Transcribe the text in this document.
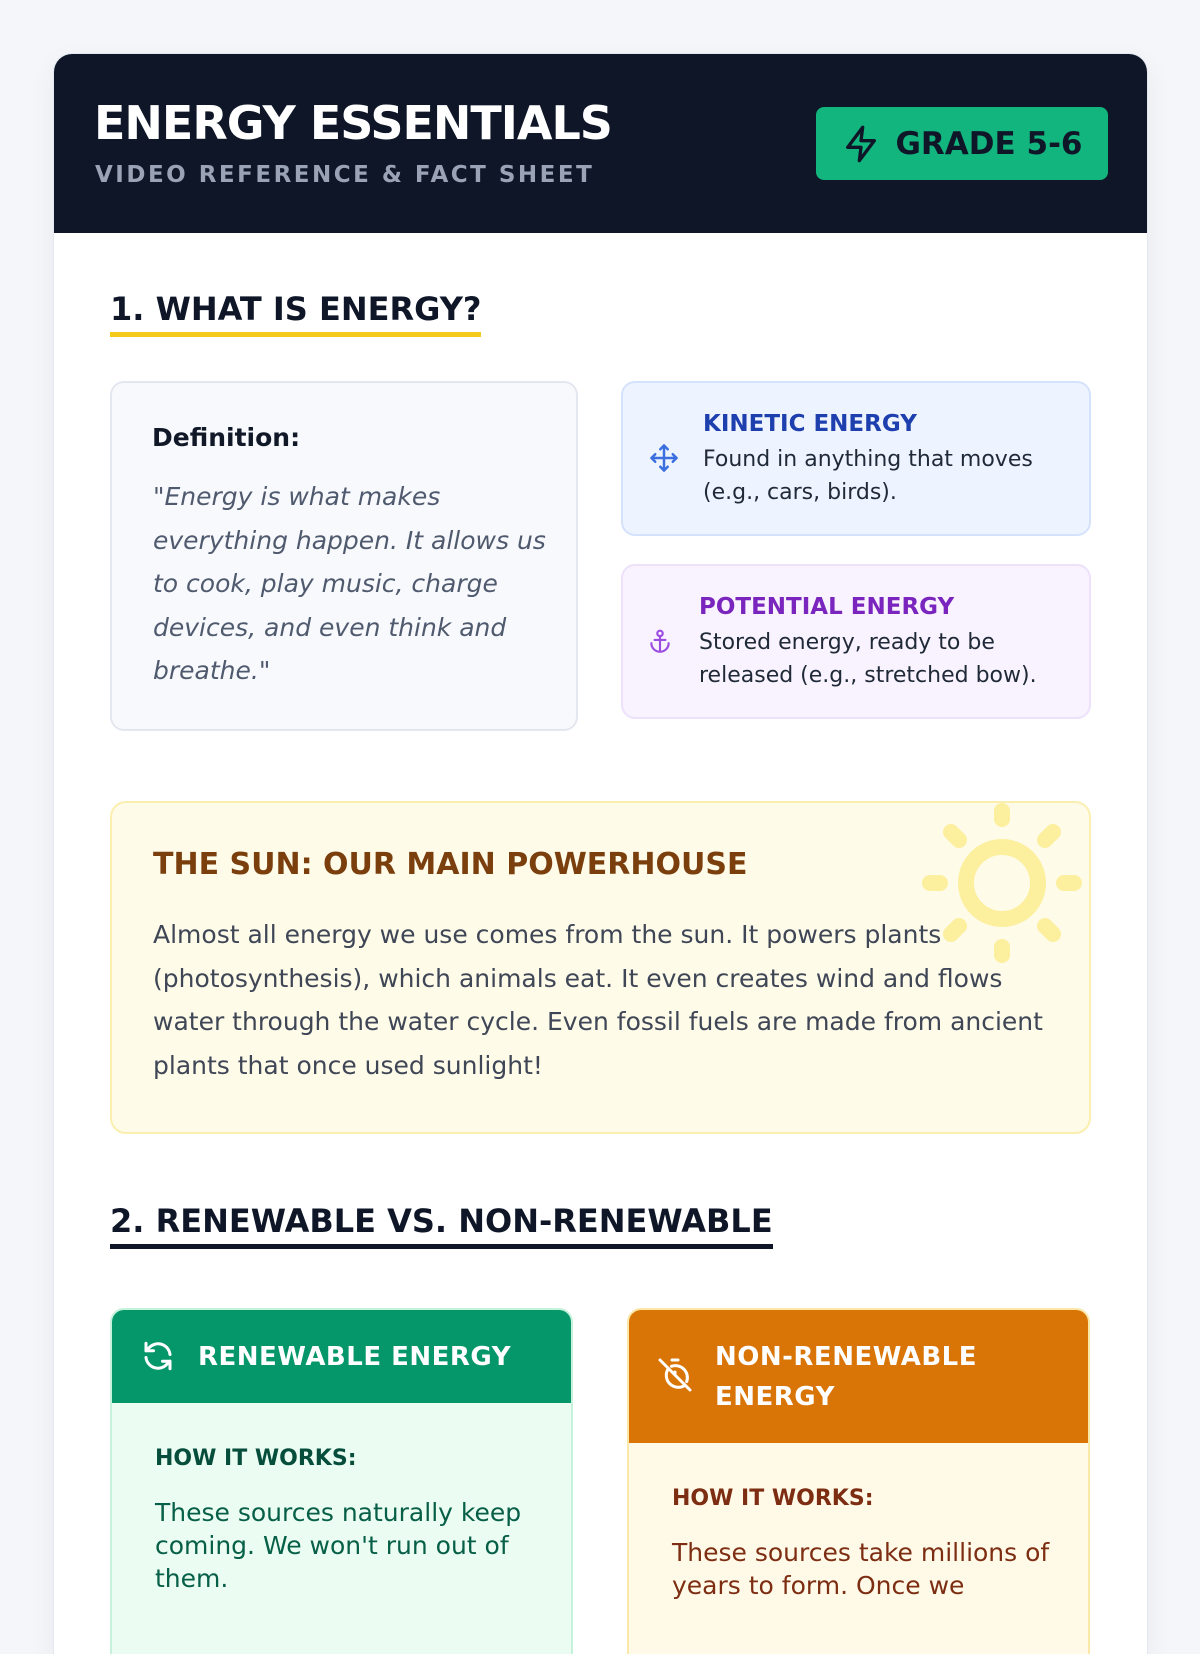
ENERGY ESSENTIALS
VIDEO REFERENCE & FACT SHEET
GRADE 5-6
1. WHAT IS ENERGY?
Definition:
"Energy is what makes everything happen. It allows us to cook, play music, charge devices, and even think and breathe."
KINETIC ENERGY
Found in anything that moves (e.g., cars, birds).
POTENTIAL ENERGY
Stored energy, ready to be released (e.g., stretched bow).
THE SUN: OUR MAIN POWERHOUSE
Almost all energy we use comes from the sun. It powers plants (photosynthesis), which animals eat. It even creates wind and flows water through the water cycle. Even fossil fuels are made from ancient plants that once used sunlight!
2. RENEWABLE VS. NON-RENEWABLE
RENEWABLE ENERGY
HOW IT WORKS:
These sources naturally keep coming. We won't run out of them.
NON-RENEWABLE ENERGY
HOW IT WORKS:
These sources take millions of years to form. Once we
